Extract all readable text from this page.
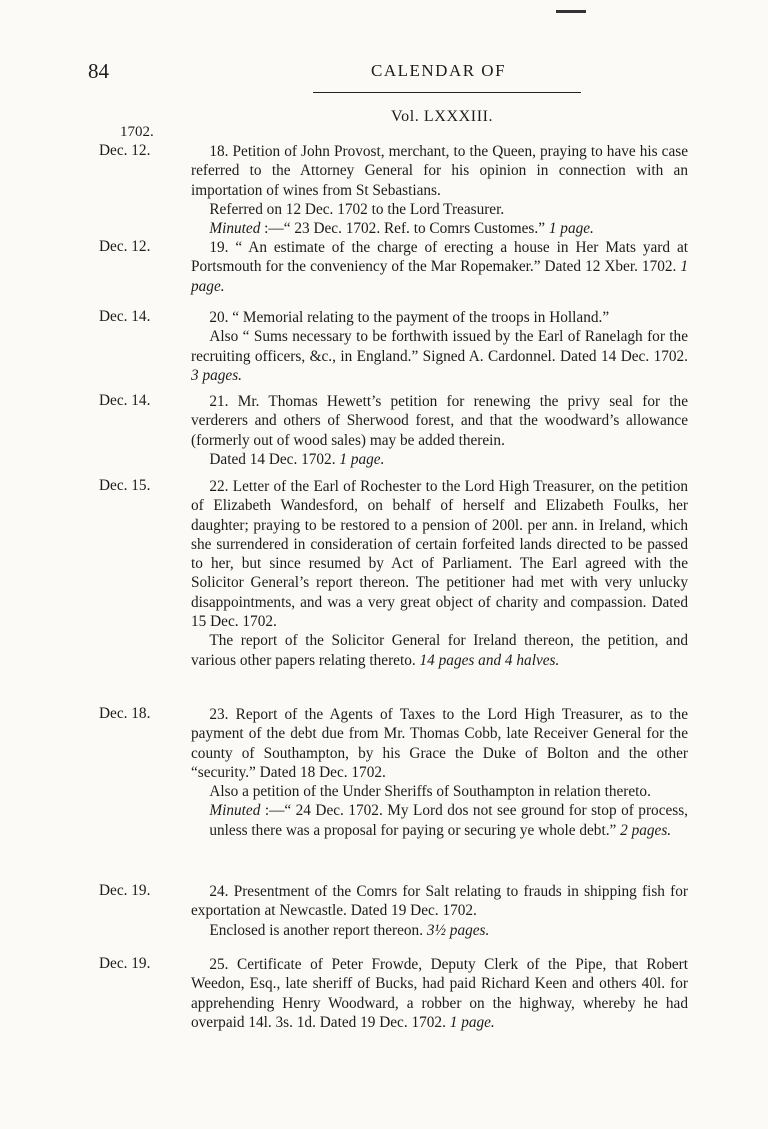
84	CALENDAR OF
Vol. LXXXIII.
1702.
Dec. 12.	18. Petition of John Provost, merchant, to the Queen, praying to have his case referred to the Attorney General for his opinion in connection with an importation of wines from St Sebastians.

Referred on 12 Dec. 1702 to the Lord Treasurer.

Minuted :—“ 23 Dec. 1702. Ref. to Comrs Customes.” 1 page.

Dec. 12.	19. “ An estimate of the charge of erecting a house in Her Mats yard at Portsmouth for the conveniency of the Mar Ropemaker.” Dated 12 Xber. 1702. 1 page.

Dec. 14.	20. “ Memorial relating to the payment of the troops in Holland.”

Also “ Sums necessary to be forthwith issued by the Earl of Ranelagh for the recruiting officers, &c., in England.” Signed A. Cardonnel. Dated 14 Dec. 1702. 3 pages.

Dec. 14.	21. Mr. Thomas Hewett’s petition for renewing the privy seal for the verderers and others of Sherwood forest, and that the woodward’s allowance (formerly out of wood sales) may be added therein.

Dated 14 Dec. 1702. 1 page.

Dec. 15.	22. Letter of the Earl of Rochester to the Lord High Treasurer, on the petition of Elizabeth Wandesford, on behalf of herself and Elizabeth Foulks, her daughter; praying to be restored to a pension of 200l. per ann. in Ireland, which she surrendered in consideration of certain forfeited lands directed to be passed to her, but since resumed by Act of Parliament. The Earl agreed with the Solicitor General’s report thereon. The petitioner had met with very unlucky disappointments, and was a very great object of charity and compassion. Dated 15 Dec. 1702.

The report of the Solicitor General for Ireland thereon, the petition, and various other papers relating thereto. 14 pages and 4 halves.

Dec. 18.	23. Report of the Agents of Taxes to the Lord High Treasurer, as to the payment of the debt due from Mr. Thomas Cobb, late Receiver General for the county of Southampton, by his Grace the Duke of Bolton and the other “security.” Dated 18 Dec. 1702.

Also a petition of the Under Sheriffs of Southampton in relation thereto.

Minuted :—“ 24 Dec. 1702. My Lord dos not see ground for stop of process, unless there was a proposal for paying or securing ye whole debt.” 2 pages.

Dec. 19.	24. Presentment of the Comrs for Salt relating to frauds in shipping fish for exportation at Newcastle. Dated 19 Dec. 1702.

Enclosed is another report thereon. 3½ pages.

Dec. 19.	25. Certificate of Peter Frowde, Deputy Clerk of the Pipe, that Robert Weedon, Esq., late sheriff of Bucks, had paid Richard Keen and others 40l. for apprehending Henry Woodward, a robber on the highway, whereby he had overpaid 14l. 3s. 1d. Dated 19 Dec. 1702. 1 page.
